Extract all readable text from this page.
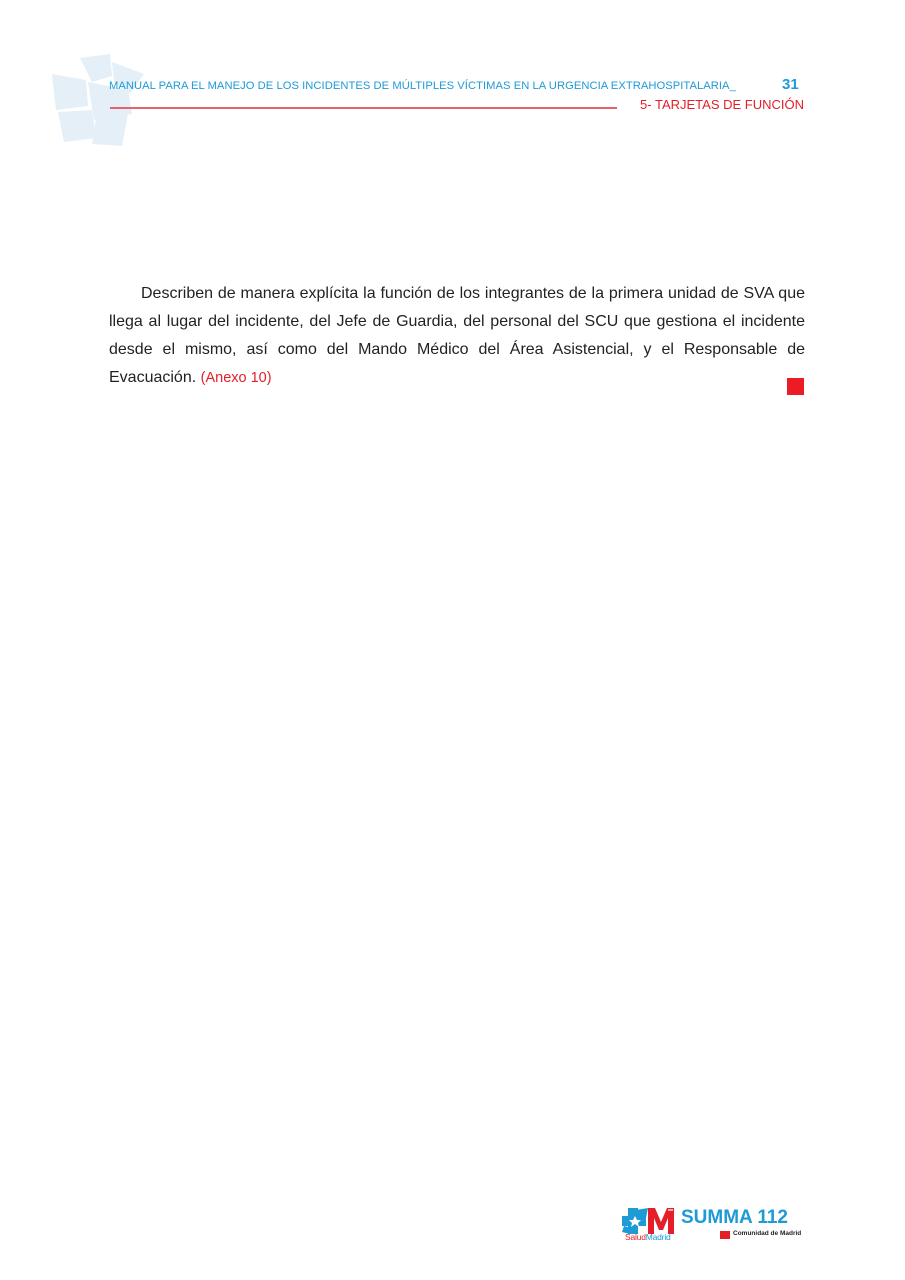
MANUAL PARA EL MANEJO DE LOS INCIDENTES DE MÚLTIPLES VÍCTIMAS EN LA URGENCIA EXTRAHOSPITALARIA_	31
5- TARJETAS DE FUNCIÓN

Describen de manera explícita la función de los integrantes de la primera unidad de SVA que llega al lugar del incidente, del Jefe de Guardia, del personal del SCU que gestiona el incidente desde el mismo, así como del Mando Médico del Área Asistencial, y el Responsable de Evacuación. (Anexo 10)

SaludMadrid
SUMMA 112
Comunidad de Madrid
